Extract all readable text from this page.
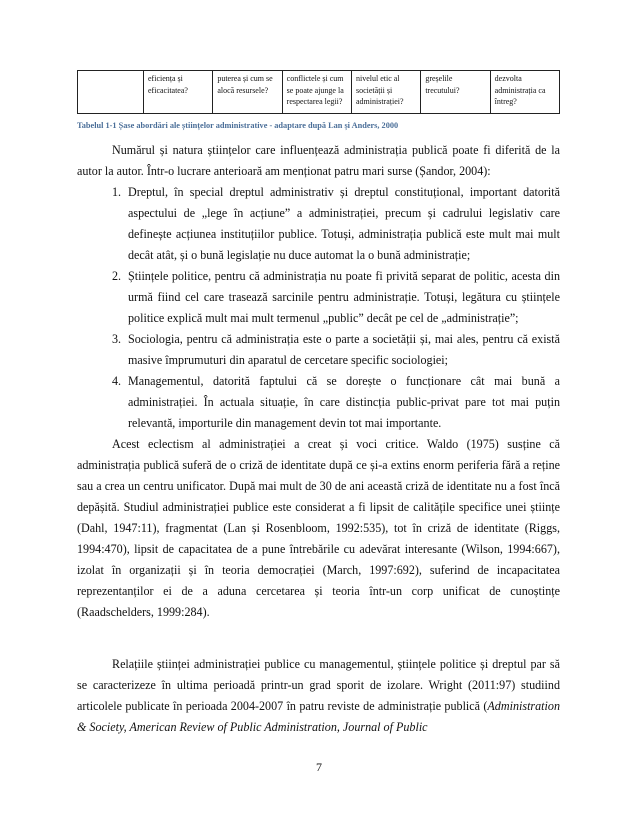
	eficiența și eficacitatea?	puterea și cum se alocă resursele?	conflictele și cum se poate ajunge la respectarea legii?	nivelul etic al societății și administrației?	greșelile trecutului?	dezvolta administrația ca întreg?
Tabelul 1-1 Șase abordări ale științelor administrative - adaptare după Lan și Anders, 2000

Numărul și natura științelor care influențează administrația publică poate fi diferită de la autor la autor. Într-o lucrare anterioară am menționat patru mari surse (Șandor, 2004):

1. Dreptul, în special dreptul administrativ și dreptul constituțional, important datorită aspectului de „lege în acțiune” a administrației, precum și cadrului legislativ care definește acțiunea instituțiilor publice. Totuși, administrația publică este mult mai mult decât atât, și o bună legislație nu duce automat la o bună administrație;
2. Științele politice, pentru că administrația nu poate fi privită separat de politic, acesta din urmă fiind cel care trasează sarcinile pentru administrație. Totuși, legătura cu științele politice explică mult mai mult termenul „public” decât pe cel de „administrație”;
3. Sociologia, pentru că administrația este o parte a societății și, mai ales, pentru că există masive împrumuturi din aparatul de cercetare specific sociologiei;
4. Managementul, datorită faptului că se dorește o funcționare cât mai bună a administrației. În actuala situație, în care distincția public-privat pare tot mai puțin relevantă, importurile din management devin tot mai importante.

Acest eclectism al administrației a creat și voci critice. Waldo (1975) susține că administrația publică suferă de o criză de identitate după ce și-a extins enorm periferia fără a reține sau a crea un centru unificator. După mai mult de 30 de ani această criză de identitate nu a fost încă depășită. Studiul administrației publice este considerat a fi lipsit de calitățile specifice unei științe (Dahl, 1947:11), fragmentat (Lan și Rosenbloom, 1992:535), tot în criză de identitate (Riggs, 1994:470), lipsit de capacitatea de a pune întrebările cu adevărat interesante (Wilson, 1994:667), izolat în organizații și în teoria democrației (March, 1997:692), suferind de incapacitatea reprezentanților ei de a aduna cercetarea și teoria într-un corp unificat de cunoștințe (Raadschelders, 1999:284).

Relațiile științei administrației publice cu managementul, științele politice și dreptul par să se caracterizeze în ultima perioadă printr-un grad sporit de izolare. Wright (2011:97) studiind articolele publicate în perioada 2004-2007 în patru reviste de administrație publică (Administration & Society, American Review of Public Administration, Journal of Public

7
